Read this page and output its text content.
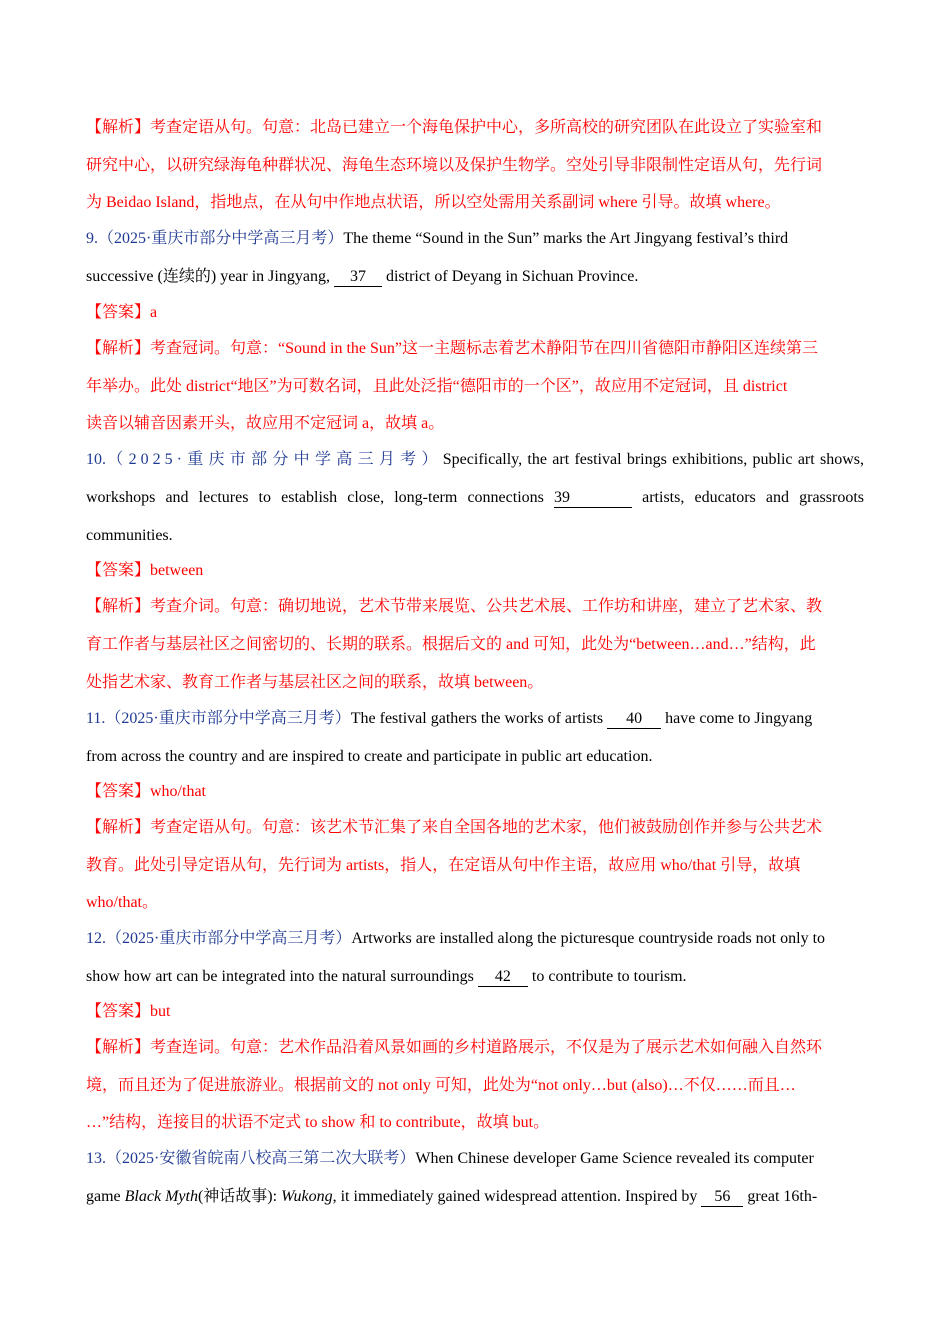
【解析】考查定语从句。句意：北岛已建立一个海龟保护中心，多所高校的研究团队在此设立了实验室和

研究中心，以研究绿海龟种群状况、海龟生态环境以及保护生物学。空处引导非限制性定语从句，先行词

为 Beidao Island，指地点，在从句中作地点状语，所以空处需用关系副词 where 引导。故填 where。

9.（2025·重庆市部分中学高三月考）The theme “Sound in the Sun” marks the Art Jingyang festival’s third

successive (连续的) year in Jingyang, 37 district of Deyang in Sichuan Province.

【答案】a

【解析】考查冠词。句意：“Sound in the Sun”这一主题标志着艺术静阳节在四川省德阳市静阳区连续第三

年举办。此处 district“地区”为可数名词，且此处泛指“德阳市的一个区”，故应用不定冠词，且 district

读音以辅音因素开头，故应用不定冠词 a，故填 a。

10.（2025·重庆市部分中学高三月考）Specifically, the art festival brings exhibitions, public art shows,

workshops and lectures to establish close, long-term connections 39	artists, educators and grassroots

communities.

【答案】between

【解析】考查介词。句意：确切地说，艺术节带来展览、公共艺术展、工作坊和讲座，建立了艺术家、教

育工作者与基层社区之间密切的、长期的联系。根据后文的 and 可知，此处为“between…and…”结构，此

处指艺术家、教育工作者与基层社区之间的联系，故填 between。

11.（2025·重庆市部分中学高三月考）The festival gathers the works of artists 40 have come to Jingyang

from across the country and are inspired to create and participate in public art education.

【答案】who/that

【解析】考查定语从句。句意：该艺术节汇集了来自全国各地的艺术家，他们被鼓励创作并参与公共艺术

教育。此处引导定语从句，先行词为 artists，指人，在定语从句中作主语，故应用 who/that 引导，故填

who/that。

12.（2025·重庆市部分中学高三月考）Artworks are installed along the picturesque countryside roads not only to

show how art can be integrated into the natural surroundings 42 to contribute to tourism.

【答案】but

【解析】考查连词。句意：艺术作品沿着风景如画的乡村道路展示，不仅是为了展示艺术如何融入自然环

境，而且还为了促进旅游业。根据前文的 not only 可知，此处为“not only…but (also)…不仅……而且…

…”结构，连接目的状语不定式 to show 和 to contribute，故填 but。

13.（2025·安徽省皖南八校高三第二次大联考）When Chinese developer Game Science revealed its computer

game Black Myth(神话故事): Wukong, it immediately gained widespread attention. Inspired by 56 great 16th-
